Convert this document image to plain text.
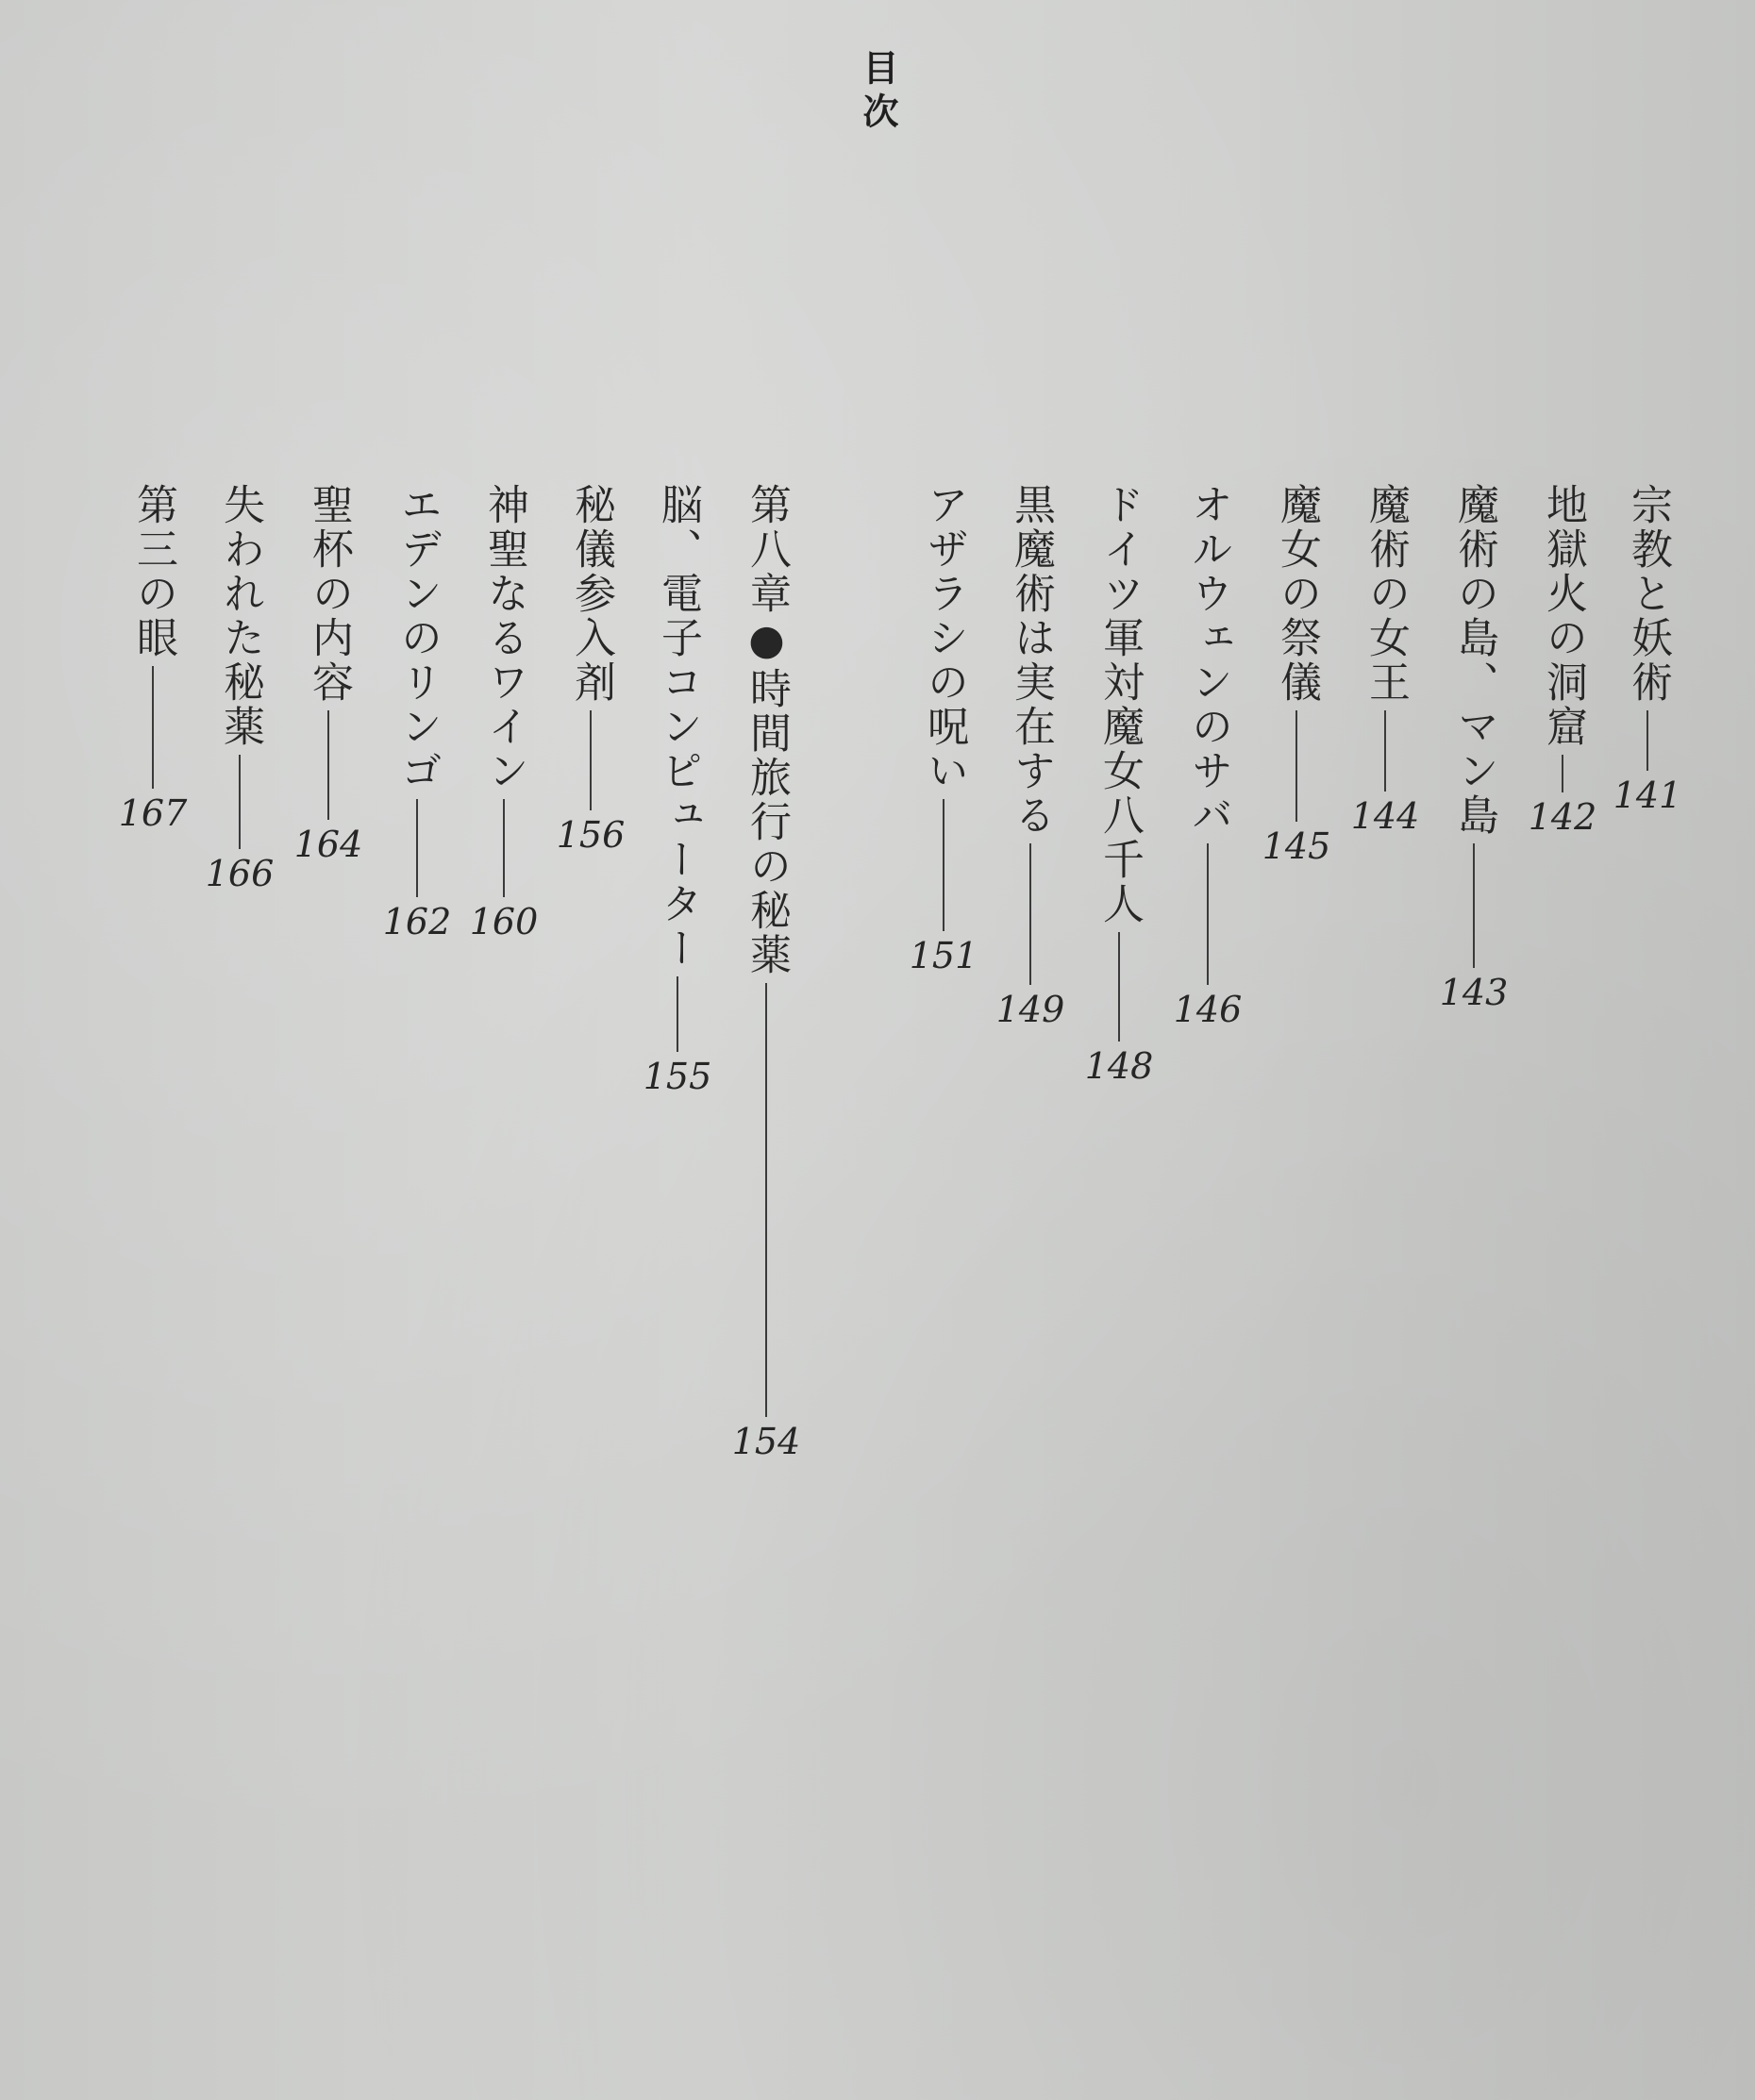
目次
宗教と妖術
141
地獄火の洞窟
142
魔術の島、マン島
143
魔術の女王
144
魔女の祭儀
145
オルウェンのサバ
146
ドイツ軍対魔女八千人
148
黒魔術は実在する
149
アザラシの呪い
151
第八章●時間旅行の秘薬
154
脳、電子コンピューター
155
秘儀参入剤
156
神聖なるワイン
160
エデンのリンゴ
162
聖杯の内容
164
失われた秘薬
166
第三の眼
167
